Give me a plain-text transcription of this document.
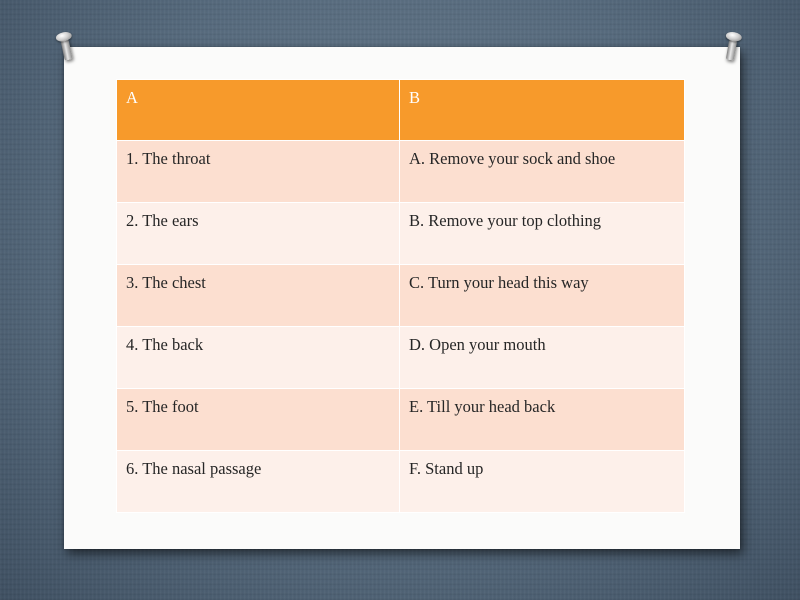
A	B
1. The throat	A. Remove your sock and shoe
2. The ears	B. Remove your top clothing
3. The chest	C. Turn your head this way
4. The back	D. Open your mouth
5. The foot	E. Till your head back
6. The nasal passage	F. Stand up
